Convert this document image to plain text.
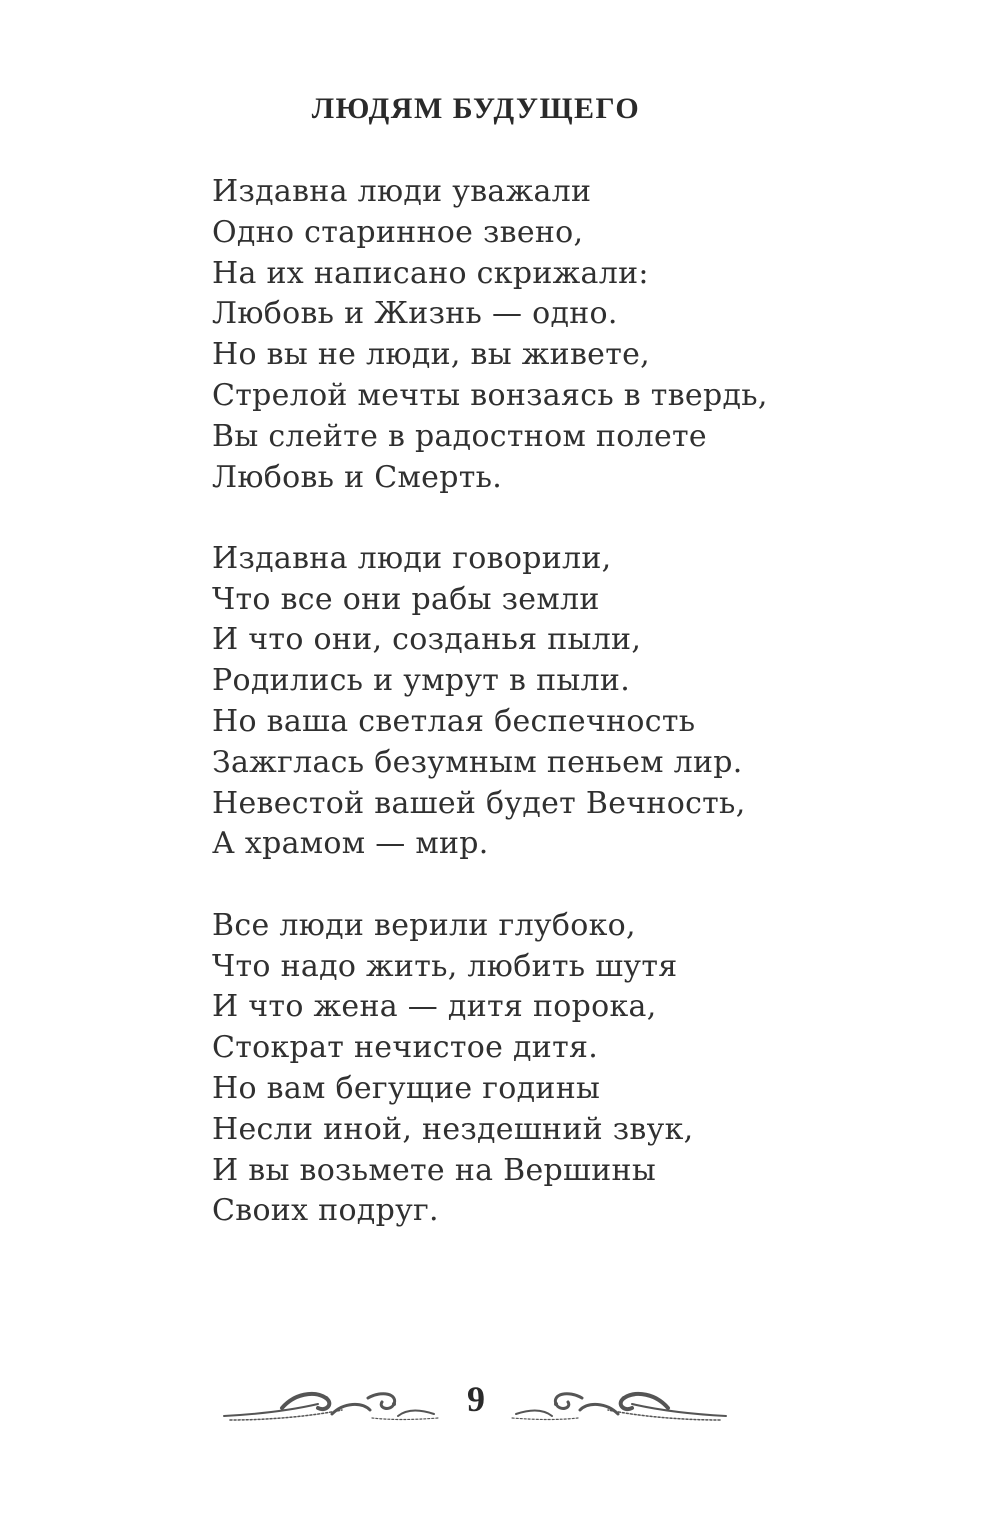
ЛЮДЯМ БУДУЩЕГО
Издавна люди уважали
Одно старинное звено,
На их написано скрижали:
Любовь и Жизнь — одно.
Но вы не люди, вы живете,
Стрелой мечты вонзаясь в твердь,
Вы слейте в радостном полете
Любовь и Смерть.
Издавна люди говорили,
Что все они рабы земли
И что они, созданья пыли,
Родились и умрут в пыли.
Но ваша светлая беспечность
Зажглась безумным пеньем лир.
Невестой вашей будет Вечность,
А храмом — мир.
Все люди верили глубоко,
Что надо жить, любить шутя
И что жена — дитя порока,
Стократ нечистое дитя.
Но вам бегущие годины
Несли иной, нездешний звук,
И вы возьмете на Вершины
Своих подруг.
9
